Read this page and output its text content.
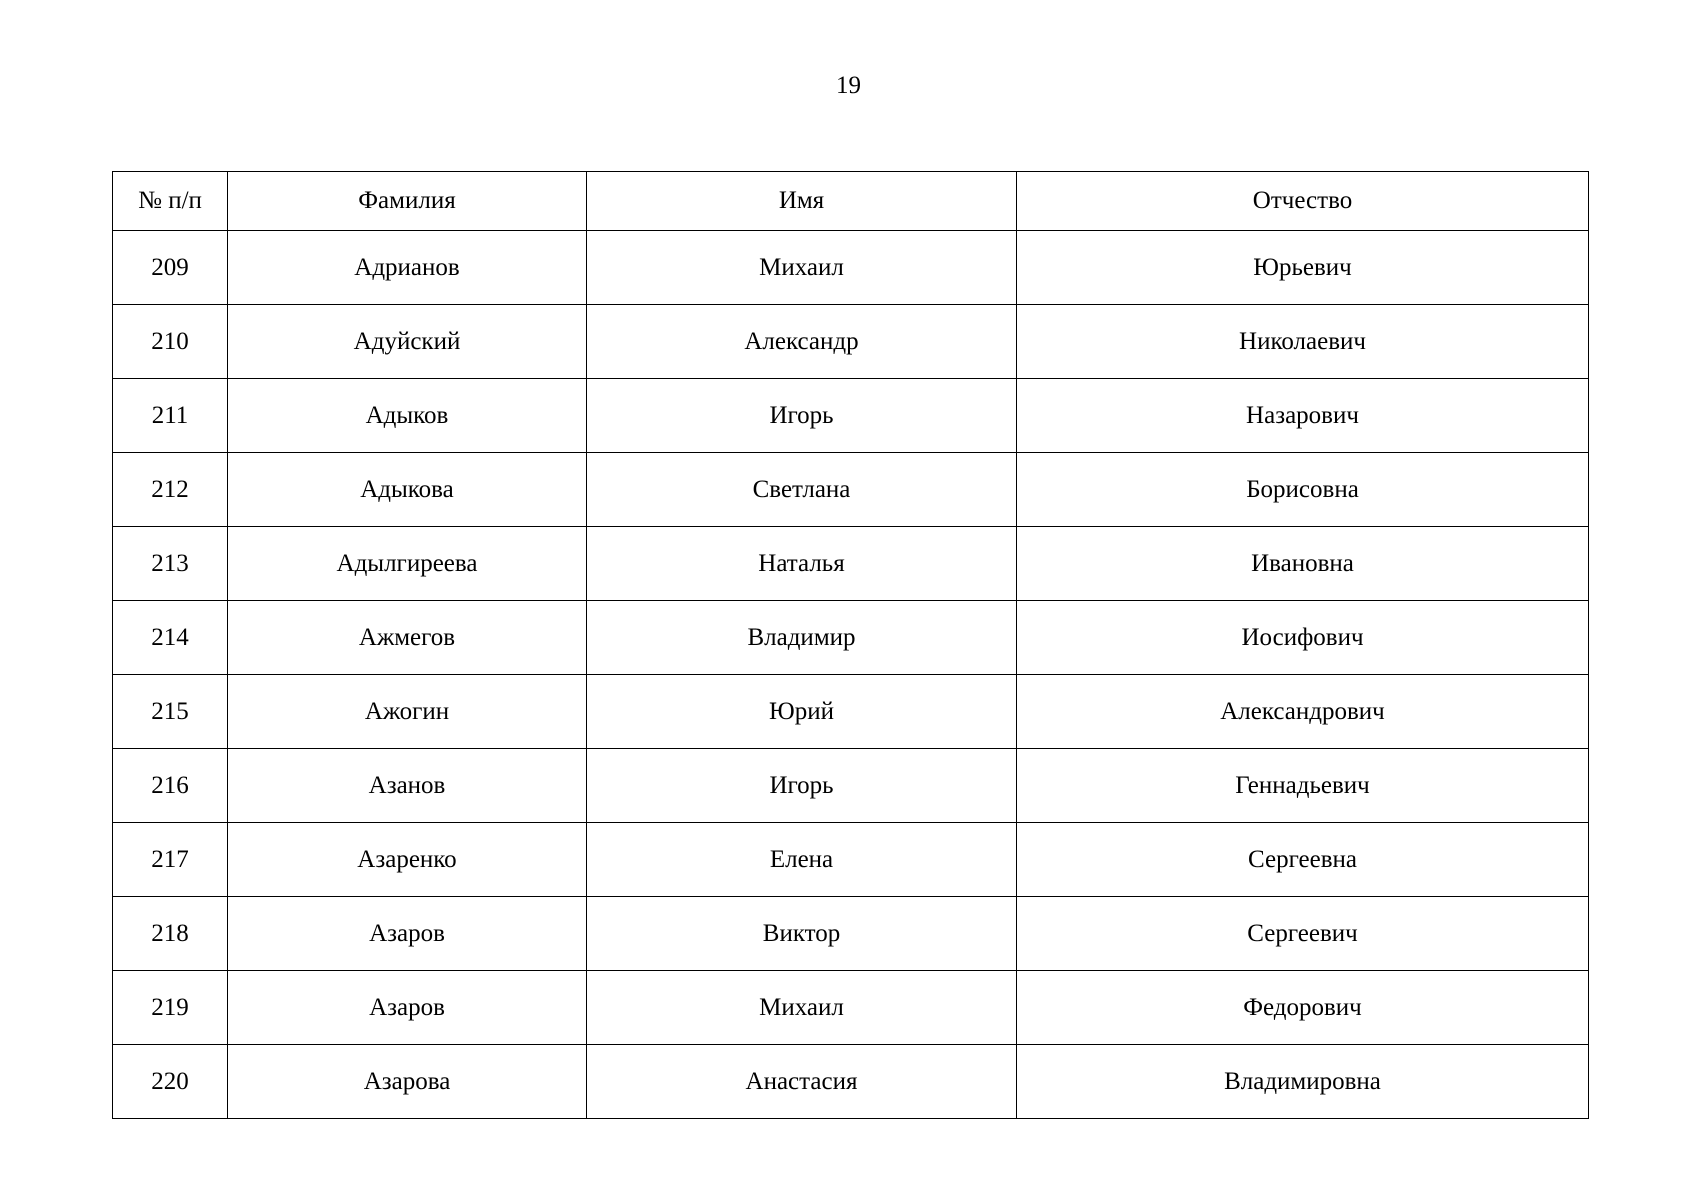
19
№ п/п	Фамилия	Имя	Отчество
209	Адрианов	Михаил	Юрьевич
210	Адуйский	Александр	Николаевич
211	Адыков	Игорь	Назарович
212	Адыкова	Светлана	Борисовна
213	Адылгиреева	Наталья	Ивановна
214	Ажмегов	Владимир	Иосифович
215	Ажогин	Юрий	Александрович
216	Азанов	Игорь	Геннадьевич
217	Азаренко	Елена	Сергеевна
218	Азаров	Виктор	Сергеевич
219	Азаров	Михаил	Федорович
220	Азарова	Анастасия	Владимировна
